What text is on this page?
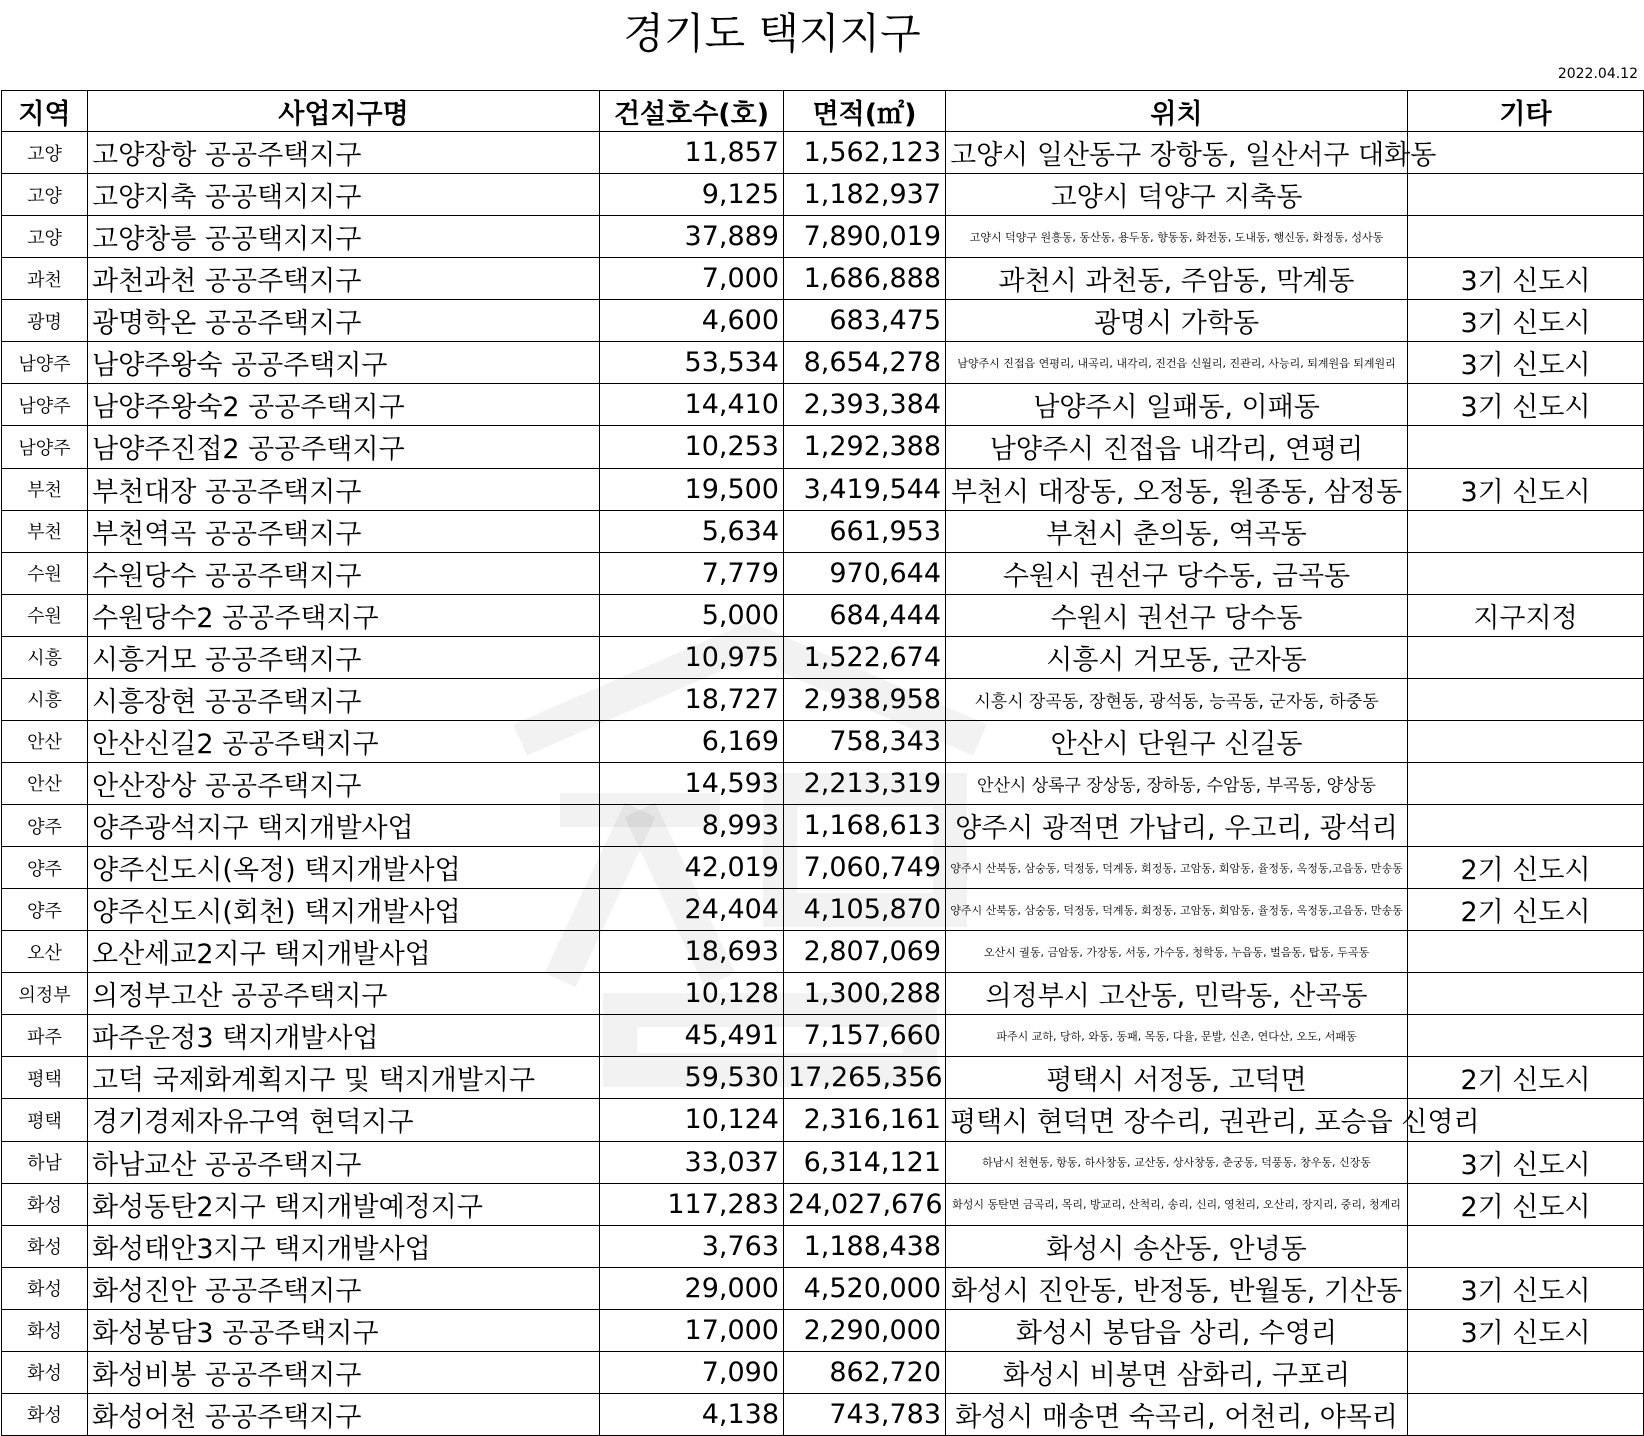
경기도 택지지구
2022.04.12
지역	사업지구명	건설호수(호)	면적(㎡)	위치	기타
고양	고양장항 공공주택지구	11,857	1,562,123	고양시 일산동구 장항동, 일산서구 대화동	
고양	고양지축 공공택지지구	9,125	1,182,937	고양시 덕양구 지축동	
고양	고양창릉 공공택지지구	37,889	7,890,019	고양시 덕양구 원흥동, 동산동, 용두동, 향동동, 화전동, 도내동, 행신동, 화정동, 성사동	
과천	과천과천 공공주택지구	7,000	1,686,888	과천시 과천동, 주암동, 막계동	3기 신도시
광명	광명학온 공공주택지구	4,600	683,475	광명시 가학동	3기 신도시
남양주	남양주왕숙 공공주택지구	53,534	8,654,278	남양주시 진접읍 연평리, 내곡리, 내각리, 진건읍 신월리, 진관리, 사능리, 퇴계원읍 퇴계원리	3기 신도시
남양주	남양주왕숙2 공공주택지구	14,410	2,393,384	남양주시 일패동, 이패동	3기 신도시
남양주	남양주진접2 공공주택지구	10,253	1,292,388	남양주시 진접읍 내각리, 연평리	
부천	부천대장 공공주택지구	19,500	3,419,544	부천시 대장동, 오정동, 원종동, 삼정동	3기 신도시
부천	부천역곡 공공주택지구	5,634	661,953	부천시 춘의동, 역곡동	
수원	수원당수 공공주택지구	7,779	970,644	수원시 권선구 당수동, 금곡동	
수원	수원당수2 공공주택지구	5,000	684,444	수원시 권선구 당수동	지구지정
시흥	시흥거모 공공주택지구	10,975	1,522,674	시흥시 거모동, 군자동	
시흥	시흥장현 공공주택지구	18,727	2,938,958	시흥시 장곡동, 장현동, 광석동, 능곡동, 군자동, 하중동	
안산	안산신길2 공공주택지구	6,169	758,343	안산시 단원구 신길동	
안산	안산장상 공공주택지구	14,593	2,213,319	안산시 상록구 장상동, 장하동, 수암동, 부곡동, 양상동	
양주	양주광석지구 택지개발사업	8,993	1,168,613	양주시 광적면 가납리, 우고리, 광석리	
양주	양주신도시(옥정) 택지개발사업	42,019	7,060,749	양주시 산북동, 삼숭동, 덕정동, 덕계동, 회정동, 고암동, 회암동, 율정동, 옥정동,고읍동, 만송동	2기 신도시
양주	양주신도시(회천) 택지개발사업	24,404	4,105,870	양주시 산북동, 삼숭동, 덕정동, 덕계동, 회정동, 고암동, 회암동, 율정동, 옥정동,고읍동, 만송동	2기 신도시
오산	오산세교2지구 택지개발사업	18,693	2,807,069	오산시 궐동, 금암동, 가장동, 서동, 가수동, 청학동, 누읍동, 벌음동, 탑동, 두곡동	
의정부	의정부고산 공공주택지구	10,128	1,300,288	의정부시 고산동, 민락동, 산곡동	
파주	파주운정3 택지개발사업	45,491	7,157,660	파주시 교하, 당하, 와동, 동패, 목동, 다율, 문발, 신촌, 연다산, 오도, 서패동	
평택	고덕 국제화계획지구 및 택지개발지구	59,530	17,265,356	평택시 서정동, 고덕면	2기 신도시
평택	경기경제자유구역 현덕지구	10,124	2,316,161	평택시 현덕면 장수리, 권관리, 포승읍 신영리	
하남	하남교산 공공주택지구	33,037	6,314,121	하남시 천현동, 항동, 하사창동, 교산동, 상사창동, 춘궁동, 덕풍동, 창우동, 신장동	3기 신도시
화성	화성동탄2지구 택지개발예정지구	117,283	24,027,676	화성시 동탄면 금곡리, 목리, 방교리, 산척리, 송리, 신리, 영천리, 오산리, 장지리, 중리, 청계리	2기 신도시
화성	화성태안3지구 택지개발사업	3,763	1,188,438	화성시 송산동, 안녕동	
화성	화성진안 공공주택지구	29,000	4,520,000	화성시 진안동, 반정동, 반월동, 기산동	3기 신도시
화성	화성봉담3 공공주택지구	17,000	2,290,000	화성시 봉담읍 상리, 수영리	3기 신도시
화성	화성비봉 공공주택지구	7,090	862,720	화성시 비봉면 삼화리, 구포리	
화성	화성어천 공공주택지구	4,138	743,783	화성시 매송면 숙곡리, 어천리, 야목리	
